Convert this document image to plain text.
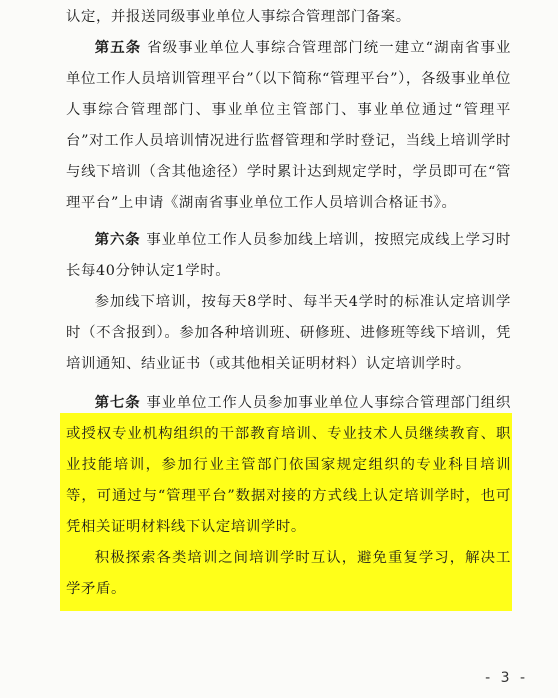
认定，并报送同级事业单位人事综合管理部门备案。

第五条 省级事业单位人事综合管理部门统一建立“湖南省事业单位工作人员培训管理平台”（以下简称“管理平台”），各级事业单位人事综合管理部门、事业单位主管部门、事业单位通过“管理平台”对工作人员培训情况进行监督管理和学时登记，当线上培训学时与线下培训（含其他途径）学时累计达到规定学时，学员即可在“管理平台”上申请《湖南省事业单位工作人员培训合格证书》。

第六条 事业单位工作人员参加线上培训，按照完成线上学习时长每40分钟认定1学时。

参加线下培训，按每天8学时、每半天4学时的标准认定培训学时（不含报到）。参加各种培训班、研修班、进修班等线下培训，凭培训通知、结业证书（或其他相关证明材料）认定培训学时。

第七条 事业单位工作人员参加事业单位人事综合管理部门组织或授权专业机构组织的干部教育培训、专业技术人员继续教育、职业技能培训，参加行业主管部门依国家规定组织的专业科目培训等，可通过与“管理平台”数据对接的方式线上认定培训学时，也可凭相关证明材料线下认定培训学时。

积极探索各类培训之间培训学时互认，避免重复学习，解决工学矛盾。

- 3 -
